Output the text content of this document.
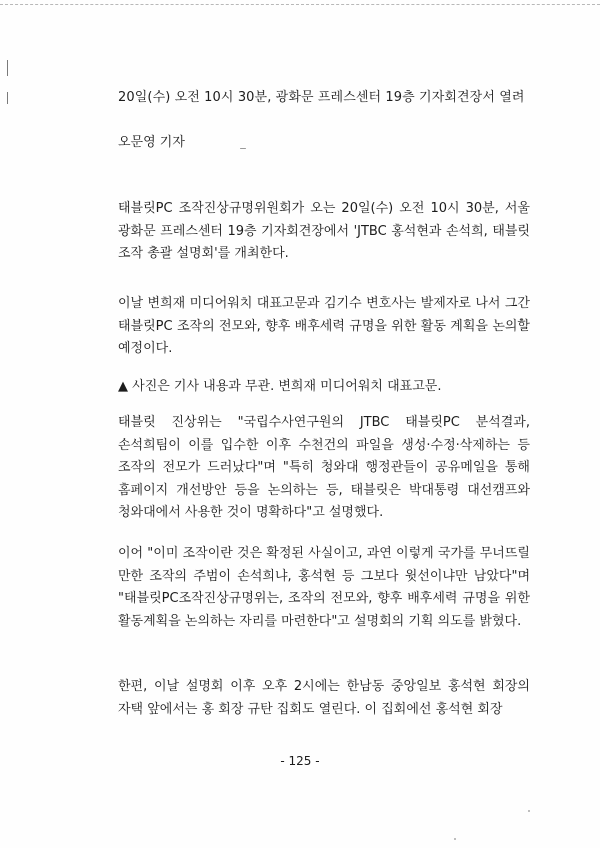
20일(수) 오전 10시 30분, 광화문 프레스센터 19층 기자회견장서 열려

오문영 기자

태블릿PC 조작진상규명위원회가 오는 20일(수) 오전 10시 30분, 서울 광화문 프레스센터 19층 기자회견장에서 'JTBC 홍석현과 손석희, 태블릿 조작 총괄 설명회'를 개최한다.

이날 변희재 미디어워치 대표고문과 김기수 변호사는 발제자로 나서 그간 태블릿PC 조작의 전모와, 향후 배후세력 규명을 위한 활동 계획을 논의할 예정이다.

▲ 사진은 기사 내용과 무관. 변희재 미디어워치 대표고문.

태블릿 진상위는 "국립수사연구원의 JTBC 태블릿PC 분석결과, 손석희팀이 이를 입수한 이후 수천건의 파일을 생성·수정·삭제하는 등 조작의 전모가 드러났다"며 "특히 청와대 행정관들이 공유메일을 통해 홈페이지 개선방안 등을 논의하는 등, 태블릿은 박대통령 대선캠프와 청와대에서 사용한 것이 명확하다"고 설명했다.

이어 "이미 조작이란 것은 확정된 사실이고, 과연 이렇게 국가를 무너뜨릴 만한 조작의 주범이 손석희냐, 홍석현 등 그보다 윗선이냐만 남았다"며 "태블릿PC조작진상규명위는, 조작의 전모와, 향후 배후세력 규명을 위한 활동계획을 논의하는 자리를 마련한다"고 설명회의 기획 의도를 밝혔다.

한편, 이날 설명회 이후 오후 2시에는 한남동 중앙일보 홍석현 회장의 자택 앞에서는 홍 회장 규탄 집회도 열린다. 이 집회에선 홍석현 회장

- 125 -
